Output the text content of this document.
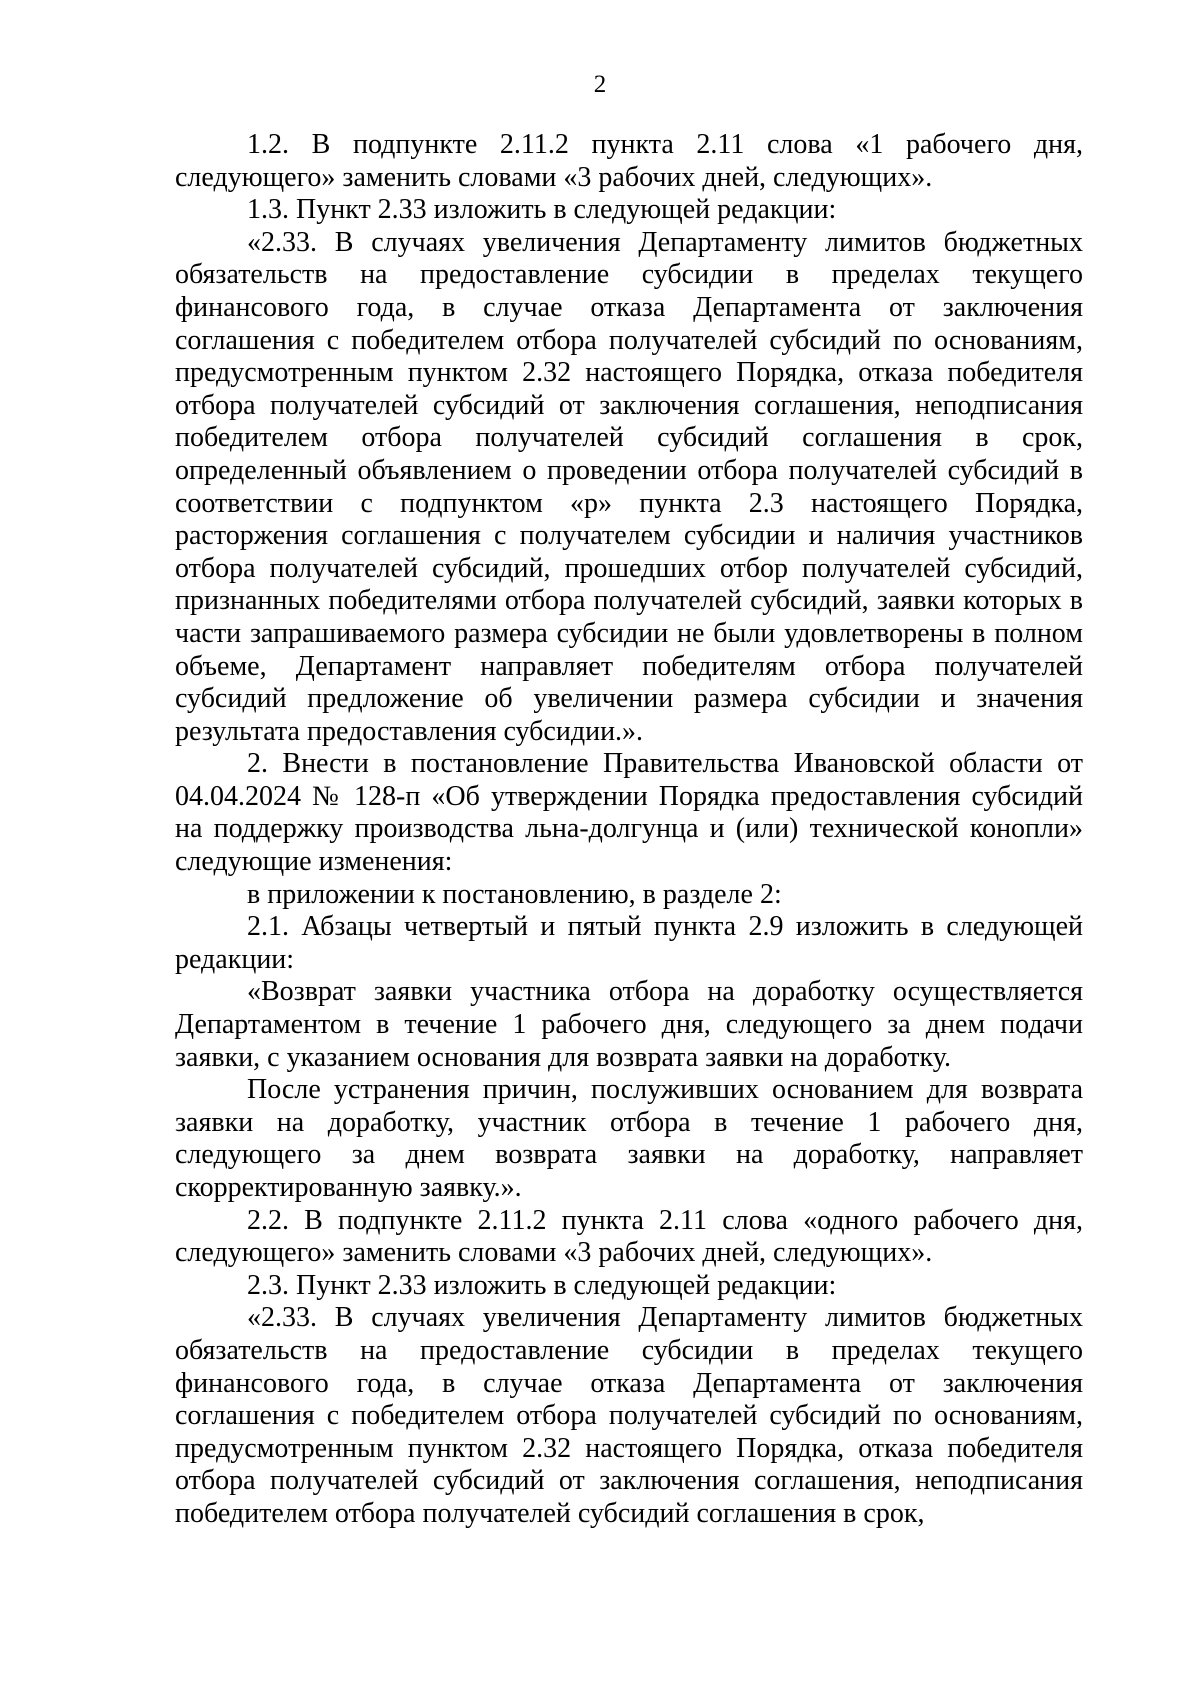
2

1.2. В подпункте 2.11.2 пункта 2.11 слова «1 рабочего дня, следующего» заменить словами «3 рабочих дней, следующих».

1.3. Пункт 2.33 изложить в следующей редакции:

«2.33. В случаях увеличения Департаменту лимитов бюджетных обязательств на предоставление субсидии в пределах текущего финансового года, в случае отказа Департамента от заключения соглашения с победителем отбора получателей субсидий по основаниям, предусмотренным пунктом 2.32 настоящего Порядка, отказа победителя отбора получателей субсидий от заключения соглашения, неподписания победителем отбора получателей субсидий соглашения в срок, определенный объявлением о проведении отбора получателей субсидий в соответствии с подпунктом «р» пункта 2.3 настоящего Порядка, расторжения соглашения с получателем субсидии и наличия участников отбора получателей субсидий, прошедших отбор получателей субсидий, признанных победителями отбора получателей субсидий, заявки которых в части запрашиваемого размера субсидии не были удовлетворены в полном объеме, Департамент направляет победителям отбора получателей субсидий предложение об увеличении размера субсидии и значения результата предоставления субсидии.».

2. Внести в постановление Правительства Ивановской области от 04.04.2024 № 128-п «Об утверждении Порядка предоставления субсидий на поддержку производства льна-долгунца и (или) технической конопли» следующие изменения:

в приложении к постановлению, в разделе 2:

2.1. Абзацы четвертый и пятый пункта 2.9 изложить в следующей редакции:

«Возврат заявки участника отбора на доработку осуществляется Департаментом в течение 1 рабочего дня, следующего за днем подачи заявки, с указанием основания для возврата заявки на доработку.

После устранения причин, послуживших основанием для возврата заявки на доработку, участник отбора в течение 1 рабочего дня, следующего за днем возврата заявки на доработку, направляет скорректированную заявку.».

2.2. В подпункте 2.11.2 пункта 2.11 слова «одного рабочего дня, следующего» заменить словами «3 рабочих дней, следующих».

2.3. Пункт 2.33 изложить в следующей редакции:

«2.33. В случаях увеличения Департаменту лимитов бюджетных обязательств на предоставление субсидии в пределах текущего финансового года, в случае отказа Департамента от заключения соглашения с победителем отбора получателей субсидий по основаниям, предусмотренным пунктом 2.32 настоящего Порядка, отказа победителя отбора получателей субсидий от заключения соглашения, неподписания победителем отбора получателей субсидий соглашения в срок,
